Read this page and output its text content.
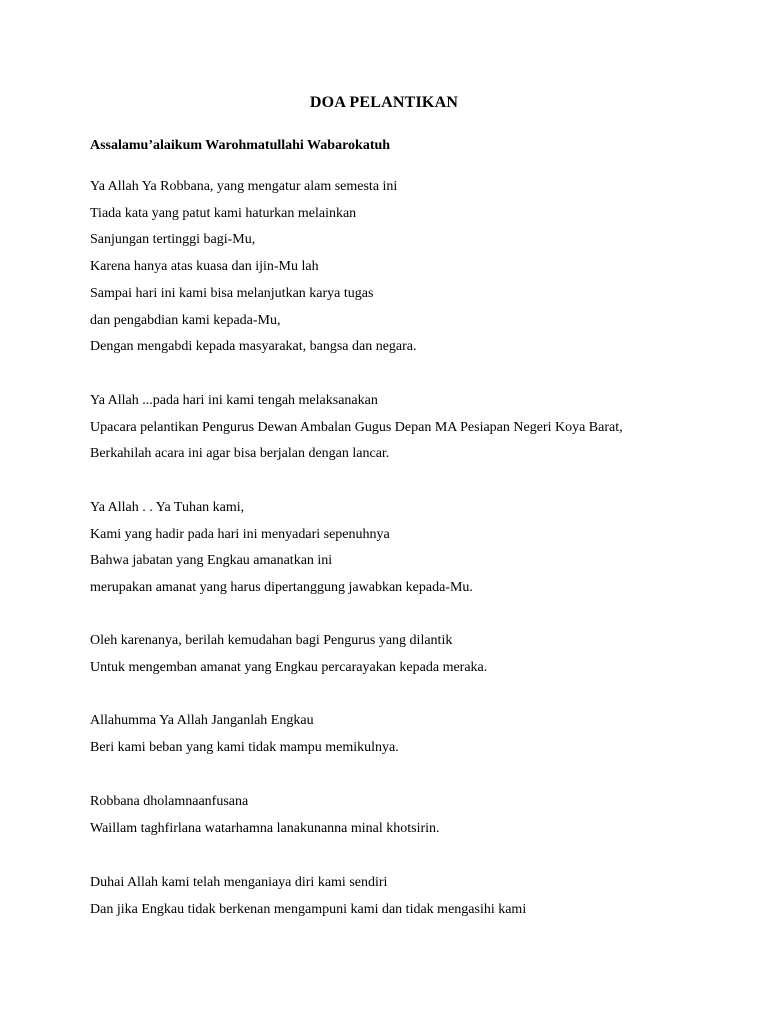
DOA PELANTIKAN
Assalamu’alaikum Warohmatullahi Wabarokatuh
Ya Allah Ya Robbana, yang mengatur alam semesta ini
Tiada kata yang patut kami haturkan melainkan
Sanjungan tertinggi bagi-Mu,
Karena hanya atas kuasa dan ijin-Mu lah
Sampai hari ini kami bisa melanjutkan karya tugas
dan pengabdian kami kepada-Mu,
Dengan mengabdi kepada masyarakat, bangsa dan negara.
Ya Allah ...pada hari ini kami tengah melaksanakan
Upacara pelantikan Pengurus Dewan Ambalan Gugus Depan MA Pesiapan Negeri Koya Barat,
Berkahilah acara ini agar bisa berjalan dengan lancar.
Ya Allah . . Ya Tuhan kami,
Kami yang hadir pada hari ini menyadari sepenuhnya
Bahwa jabatan yang Engkau amanatkan ini
merupakan amanat yang harus dipertanggung jawabkan kepada-Mu.
Oleh karenanya, berilah kemudahan bagi Pengurus yang dilantik
Untuk mengemban amanat yang Engkau percarayakan kepada meraka.
Allahumma Ya Allah Janganlah Engkau
Beri kami beban yang kami tidak mampu memikulnya.
Robbana dholamnaanfusana
Waillam taghfirlana watarhamna lanakunanna minal khotsirin.
Duhai Allah kami telah menganiaya diri kami sendiri
Dan jika Engkau tidak berkenan mengampuni kami dan tidak mengasihi kami
